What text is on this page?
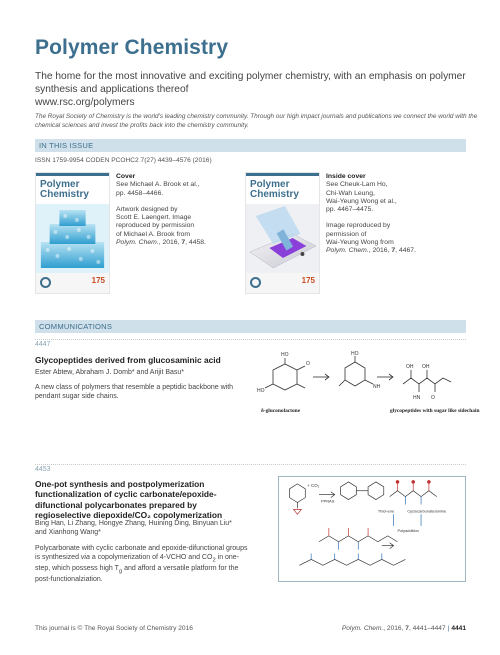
Polymer Chemistry
The home for the most innovative and exciting polymer chemistry, with an emphasis on polymer synthesis and applications thereof
www.rsc.org/polymers
The Royal Society of Chemistry is the world's leading chemistry community. Through our high impact journals and publications we connect the world with the chemical sciences and invest the profits back into the chemistry community.
IN THIS ISSUE
ISSN 1759-9954 CODEN PCOHC2 7(27) 4439–4576 (2016)
Polymer Chemistry
175
Cover
See Michael A. Brook et al.,
pp. 4458–4466.
Artwork designed by
Scott E. Laengert. Image
reproduced by permission
of Michael A. Brook from
Polym. Chem., 2016, 7, 4458.
Polymer Chemistry
175
Inside cover
See Cheuk-Lam Ho,
Chi-Wah Leung,
Wai-Yeung Wong et al.,
pp. 4467–4475.
Image reproduced by
permission of
Wai-Yeung Wong from
Polym. Chem., 2016, 7, 4467.
COMMUNICATIONS
4447
Glycopeptides derived from glucosaminic acid
Ester Abtew, Abraham J. Domb* and Arijit Basu*
A new class of polymers that resemble a peptidic backbone with pendant sugar side chains.
HO
HO
O
HO
NH
OH OH
HN O
δ-gluconolactone	glycopeptides with sugar like sidechain
4453
One-pot synthesis and postpolymerization functionalization of cyclic carbonate/epoxide-difunctional polycarbonates prepared by regioselective diepoxide/CO₂ copolymerization
Bing Han, Li Zhang, Hongye Zhang, Huining Ding, Binyuan Liu* and Xianhong Wang*
Polycarbonate with cyclic carbonate and epoxide-difunctional groups is synthesized via a copolymerization of 4-VCHO and $CO_2$ in one-step, which possess high $T_g$ and afford a versatile platform for the post-functionalziation.
+ CO₂
PPNAS
Thiol-ene	Cyclocarbonate/amine
Polyaddition
This journal is © The Royal Society of Chemistry 2016	Polym. Chem., 2016, 7, 4441–4447 | 4441
